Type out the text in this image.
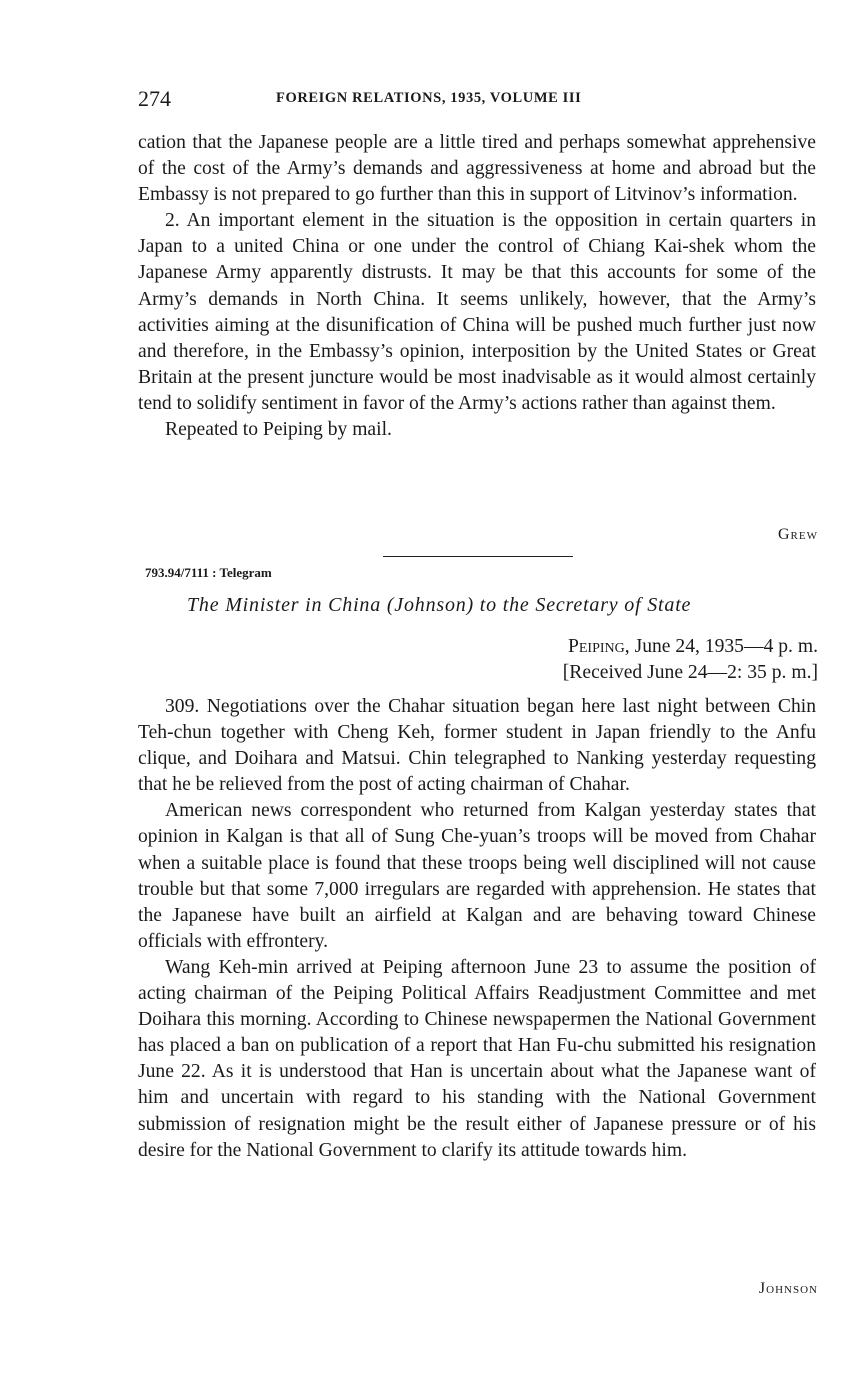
274	FOREIGN RELATIONS, 1935, VOLUME III

cation that the Japanese people are a little tired and perhaps somewhat apprehensive of the cost of the Army’s demands and aggressiveness at home and abroad but the Embassy is not prepared to go further than this in support of Litvinov’s information.

2. An important element in the situation is the opposition in certain quarters in Japan to a united China or one under the control of Chiang Kai-shek whom the Japanese Army apparently distrusts. It may be that this accounts for some of the Army’s demands in North China. It seems unlikely, however, that the Army’s activities aiming at the disunification of China will be pushed much further just now and therefore, in the Embassy’s opinion, interposition by the United States or Great Britain at the present juncture would be most inadvisable as it would almost certainly tend to solidify sentiment in favor of the Army’s actions rather than against them.

Repeated to Peiping by mail.

Grew
793.94/7111 : Telegram
The Minister in China (Johnson) to the Secretary of State
Peiping, June 24, 1935—4 p. m.
[Received June 24—2: 35 p. m.]

309. Negotiations over the Chahar situation began here last night between Chin Teh-chun together with Cheng Keh, former student in Japan friendly to the Anfu clique, and Doihara and Matsui. Chin telegraphed to Nanking yesterday requesting that he be relieved from the post of acting chairman of Chahar.

American news correspondent who returned from Kalgan yesterday states that opinion in Kalgan is that all of Sung Che-yuan’s troops will be moved from Chahar when a suitable place is found that these troops being well disciplined will not cause trouble but that some 7,000 irregulars are regarded with apprehension. He states that the Japanese have built an airfield at Kalgan and are behaving toward Chinese officials with effrontery.

Wang Keh-min arrived at Peiping afternoon June 23 to assume the position of acting chairman of the Peiping Political Affairs Readjustment Committee and met Doihara this morning. According to Chinese newspapermen the National Government has placed a ban on publication of a report that Han Fu-chu submitted his resignation June 22. As it is understood that Han is uncertain about what the Japanese want of him and uncertain with regard to his standing with the National Government submission of resignation might be the result either of Japanese pressure or of his desire for the National Government to clarify its attitude towards him.

Johnson
